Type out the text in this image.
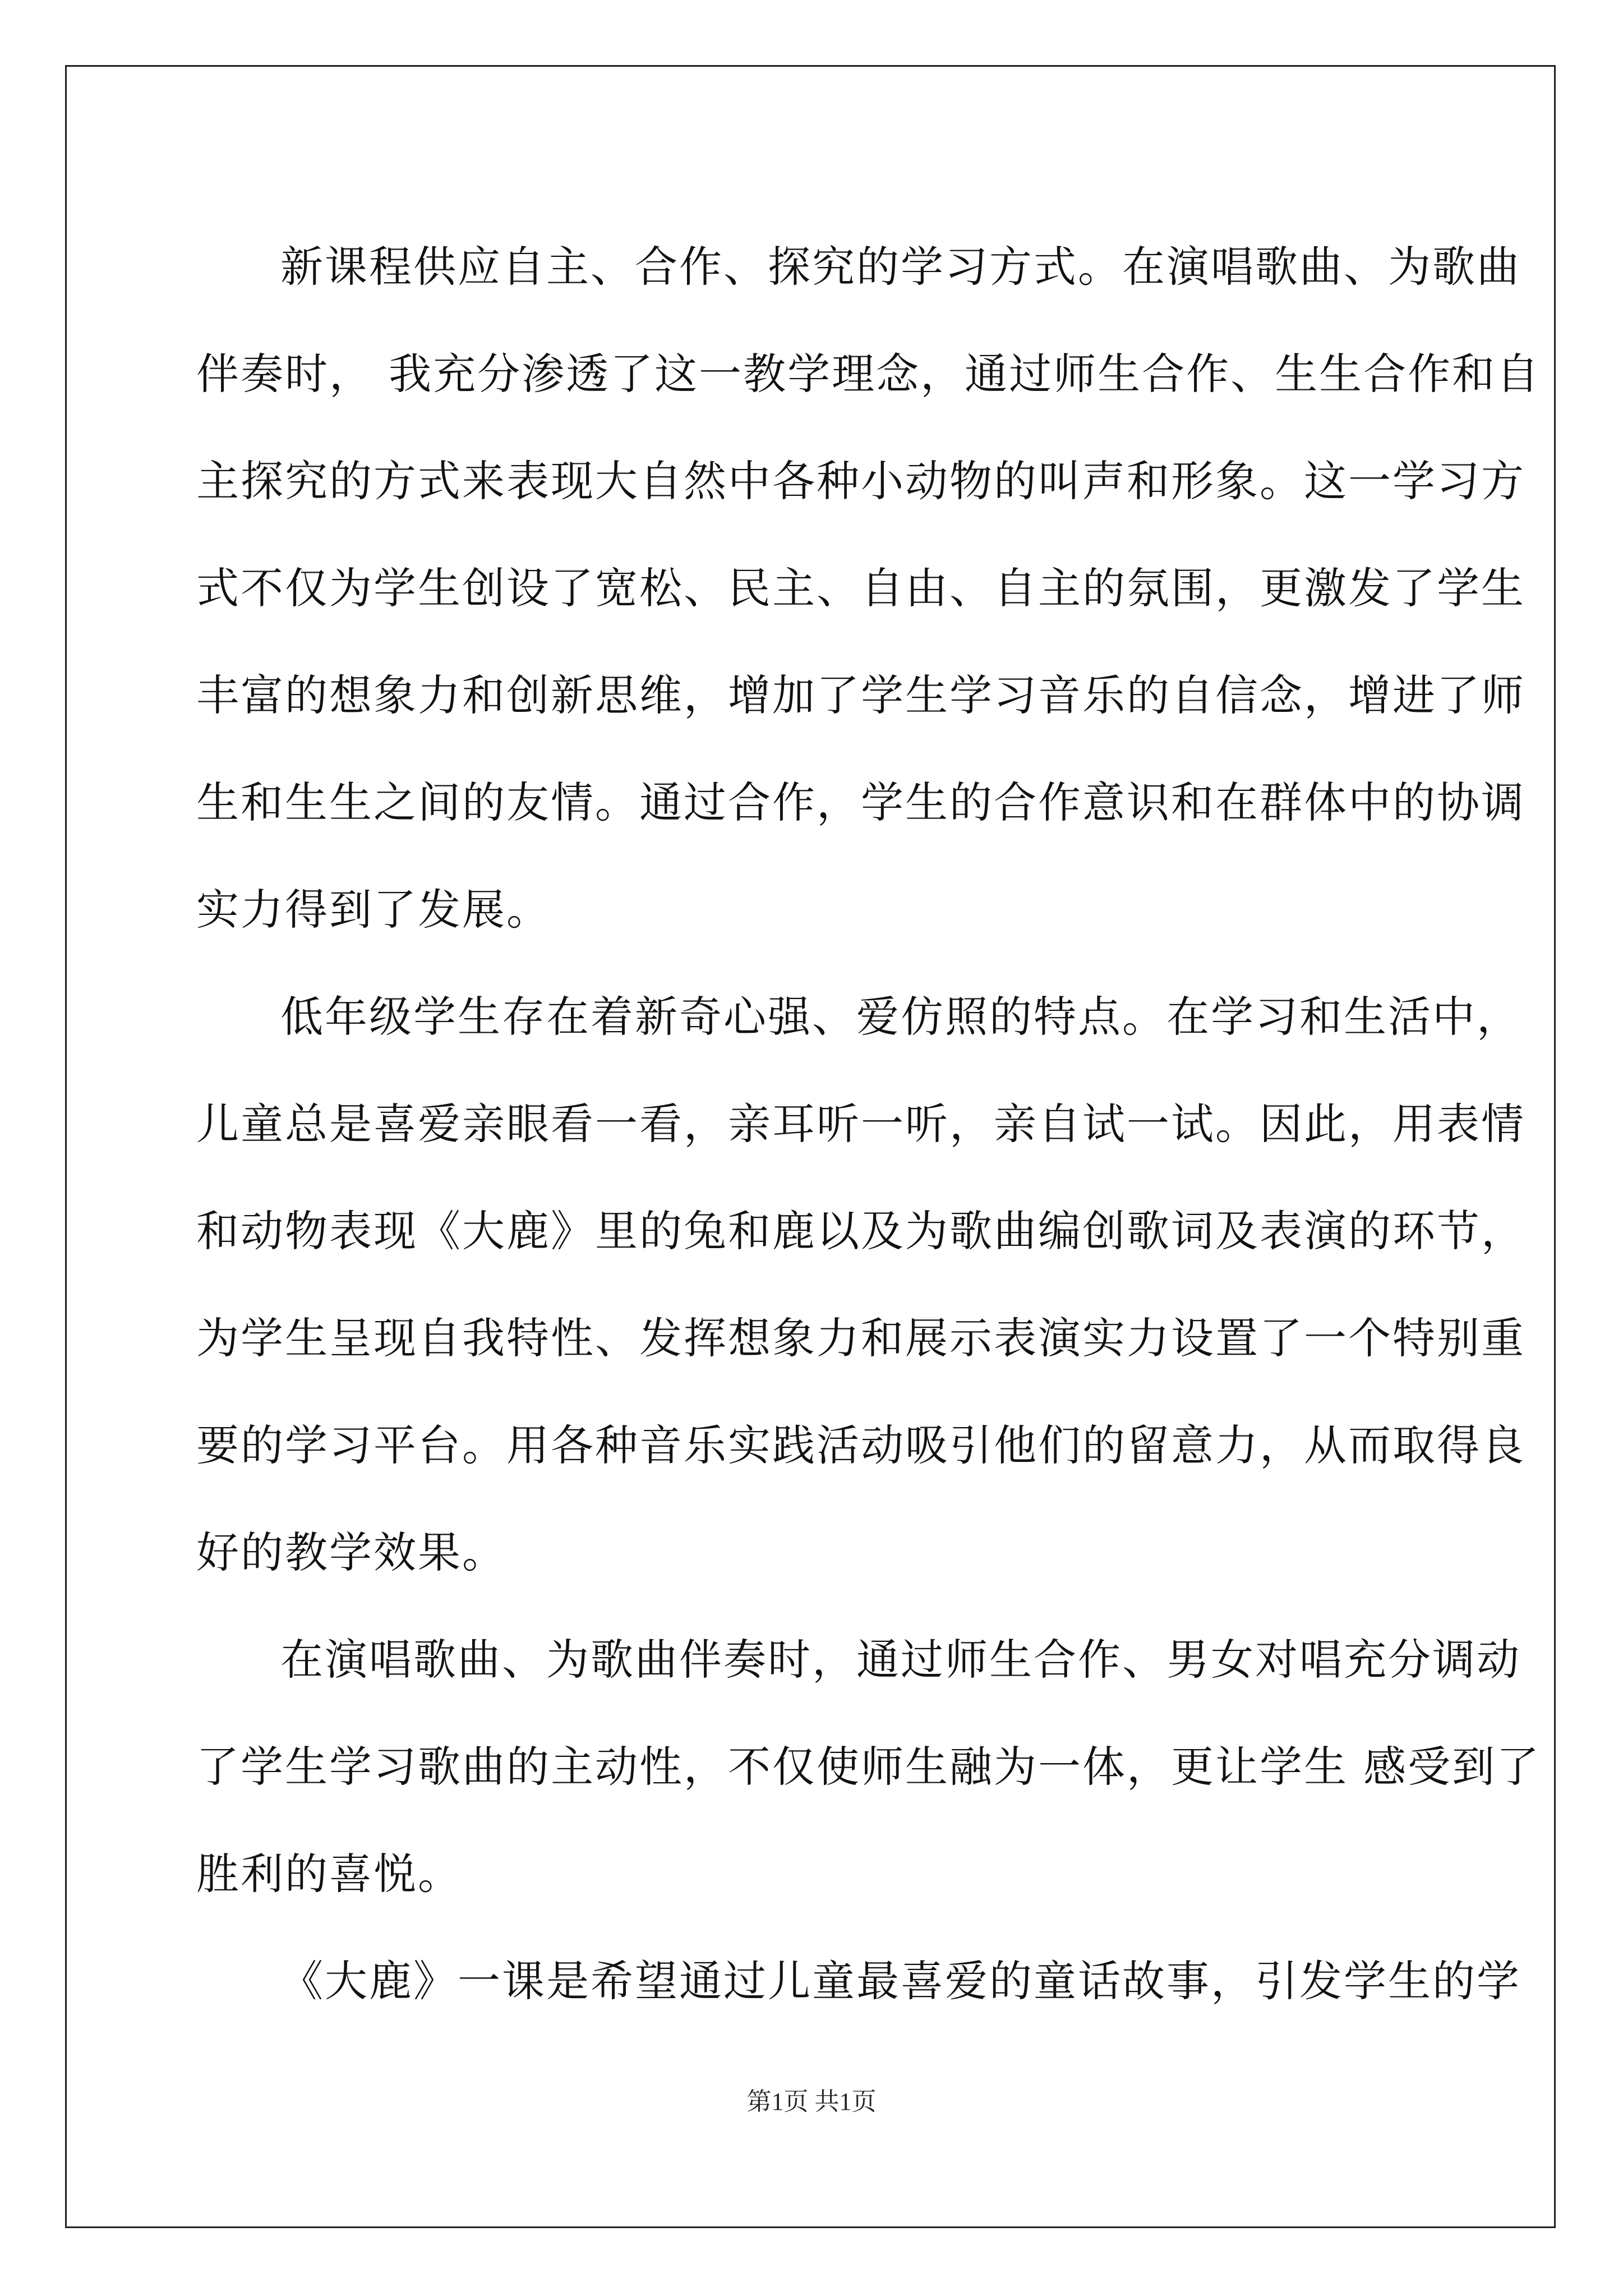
新课程供应自主、合作、探究的学习方式。在演唱歌曲、为歌曲
伴奏时， 我充分渗透了这一教学理念，通过师生合作、生生合作和自
主探究的方式来表现大自然中各种小动物的叫声和形象。这一学习方
式不仅为学生创设了宽松、民主、自由、自主的氛围，更激发了学生
丰富的想象力和创新思维，增加了学生学习音乐的自信念，增进了师
生和生生之间的友情。通过合作，学生的合作意识和在群体中的协调
实力得到了发展。
低年级学生存在着新奇心强、爱仿照的特点。在学习和生活中，
儿童总是喜爱亲眼看一看，亲耳听一听，亲自试一试。因此，用表情
和动物表现《大鹿》里的兔和鹿以及为歌曲编创歌词及表演的环节，
为学生呈现自我特性、发挥想象力和展示表演实力设置了一个特别重
要的学习平台。用各种音乐实践活动吸引他们的留意力，从而取得良
好的教学效果。
在演唱歌曲、为歌曲伴奏时，通过师生合作、男女对唱充分调动
了学生学习歌曲的主动性，不仅使师生融为一体，更让学生 感受到了
胜利的喜悦。
《大鹿》一课是希望通过儿童最喜爱的童话故事，引发学生的学
第1页 共1页
